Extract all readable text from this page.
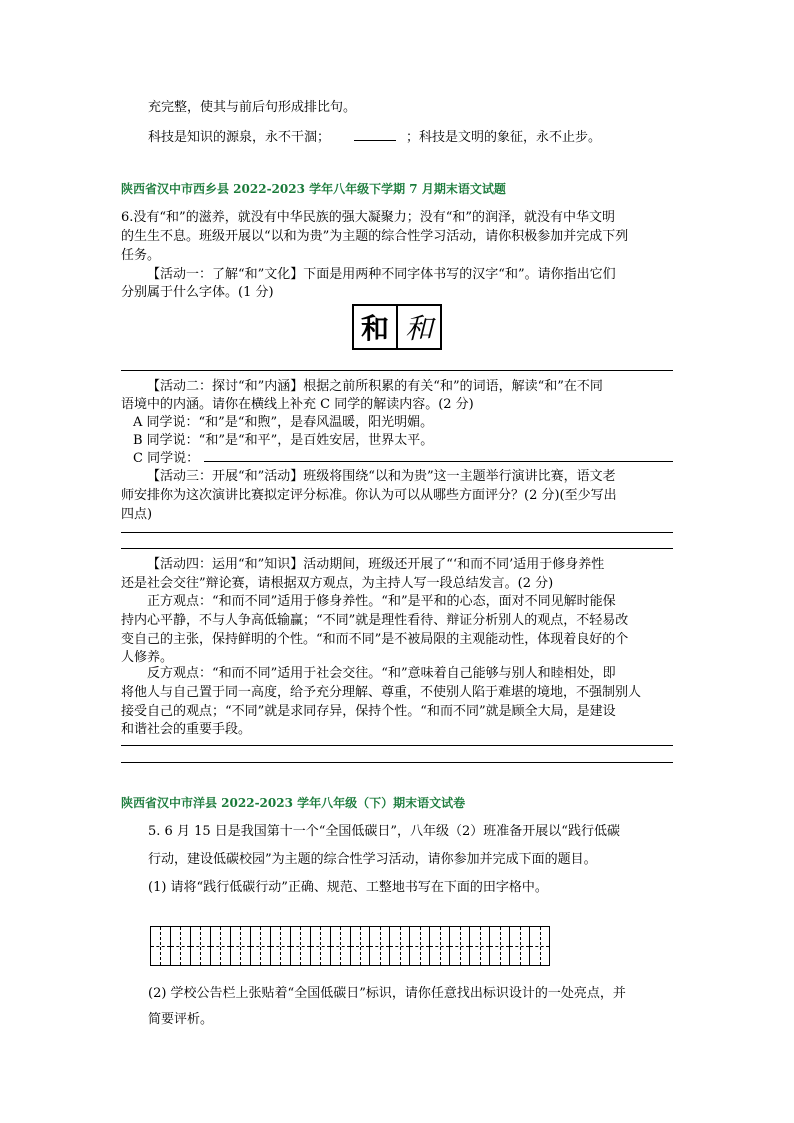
充完整，使其与前后句形成排比句。
科技是知识的源泉，永不干涸；	；科技是文明的象征，永不止步。
陕西省汉中市西乡县 2022-2023 学年八年级下学期 7 月期末语文试题
6.没有“和”的滋养，就没有中华民族的强大凝聚力；没有“和”的润泽，就没有中华文明
的生生不息。班级开展以“以和为贵”为主题的综合性学习活动，请你积极参加并完成下列
任务。
【活动一：了解“和”文化】下面是用两种不同字体书写的汉字“和”。请你指出它们
分别属于什么字体。(1 分)
和 和
【活动二：探讨“和”内涵】根据之前所积累的有关“和”的词语，解读“和”在不同
语境中的内涵。请你在横线上补充 C 同学的解读内容。(2 分)
A 同学说：“和”是“和煦”，是春风温暖，阳光明媚。
B 同学说：“和”是“和平”，是百姓安居，世界太平。
C 同学说：
【活动三：开展“和”活动】班级将围绕“以和为贵”这一主题举行演讲比赛，语文老
师安排你为这次演讲比赛拟定评分标准。你认为可以从哪些方面评分？(2 分)(至少写出
四点)
【活动四：运用“和”知识】活动期间，班级还开展了“‘和而不同’适用于修身养性
还是社会交往”辩论赛，请根据双方观点，为主持人写一段总结发言。(2 分)
正方观点：“和而不同”适用于修身养性。“和”是平和的心态，面对不同见解时能保
持内心平静，不与人争高低输赢；“不同”就是理性看待、辩证分析别人的观点，不轻易改
变自己的主张，保持鲜明的个性。“和而不同”是不被局限的主观能动性，体现着良好的个
人修养。
反方观点：“和而不同”适用于社会交往。“和”意味着自己能够与别人和睦相处，即
将他人与自己置于同一高度，给予充分理解、尊重，不使别人陷于难堪的境地，不强制别人
接受自己的观点；“不同”就是求同存异，保持个性。“和而不同”就是顾全大局，是建设
和谐社会的重要手段。
陕西省汉中市洋县 2022-2023 学年八年级（下）期末语文试卷
5. 6 月 15 日是我国第十一个“全国低碳日”，八年级（2）班准备开展以“践行低碳
行动，建设低碳校园”为主题的综合性学习活动，请你参加并完成下面的题目。
(1) 请将“践行低碳行动”正确、规范、工整地书写在下面的田字格中。
(2) 学校公告栏上张贴着“全国低碳日”标识，请你任意找出标识设计的一处亮点，并
简要评析。
